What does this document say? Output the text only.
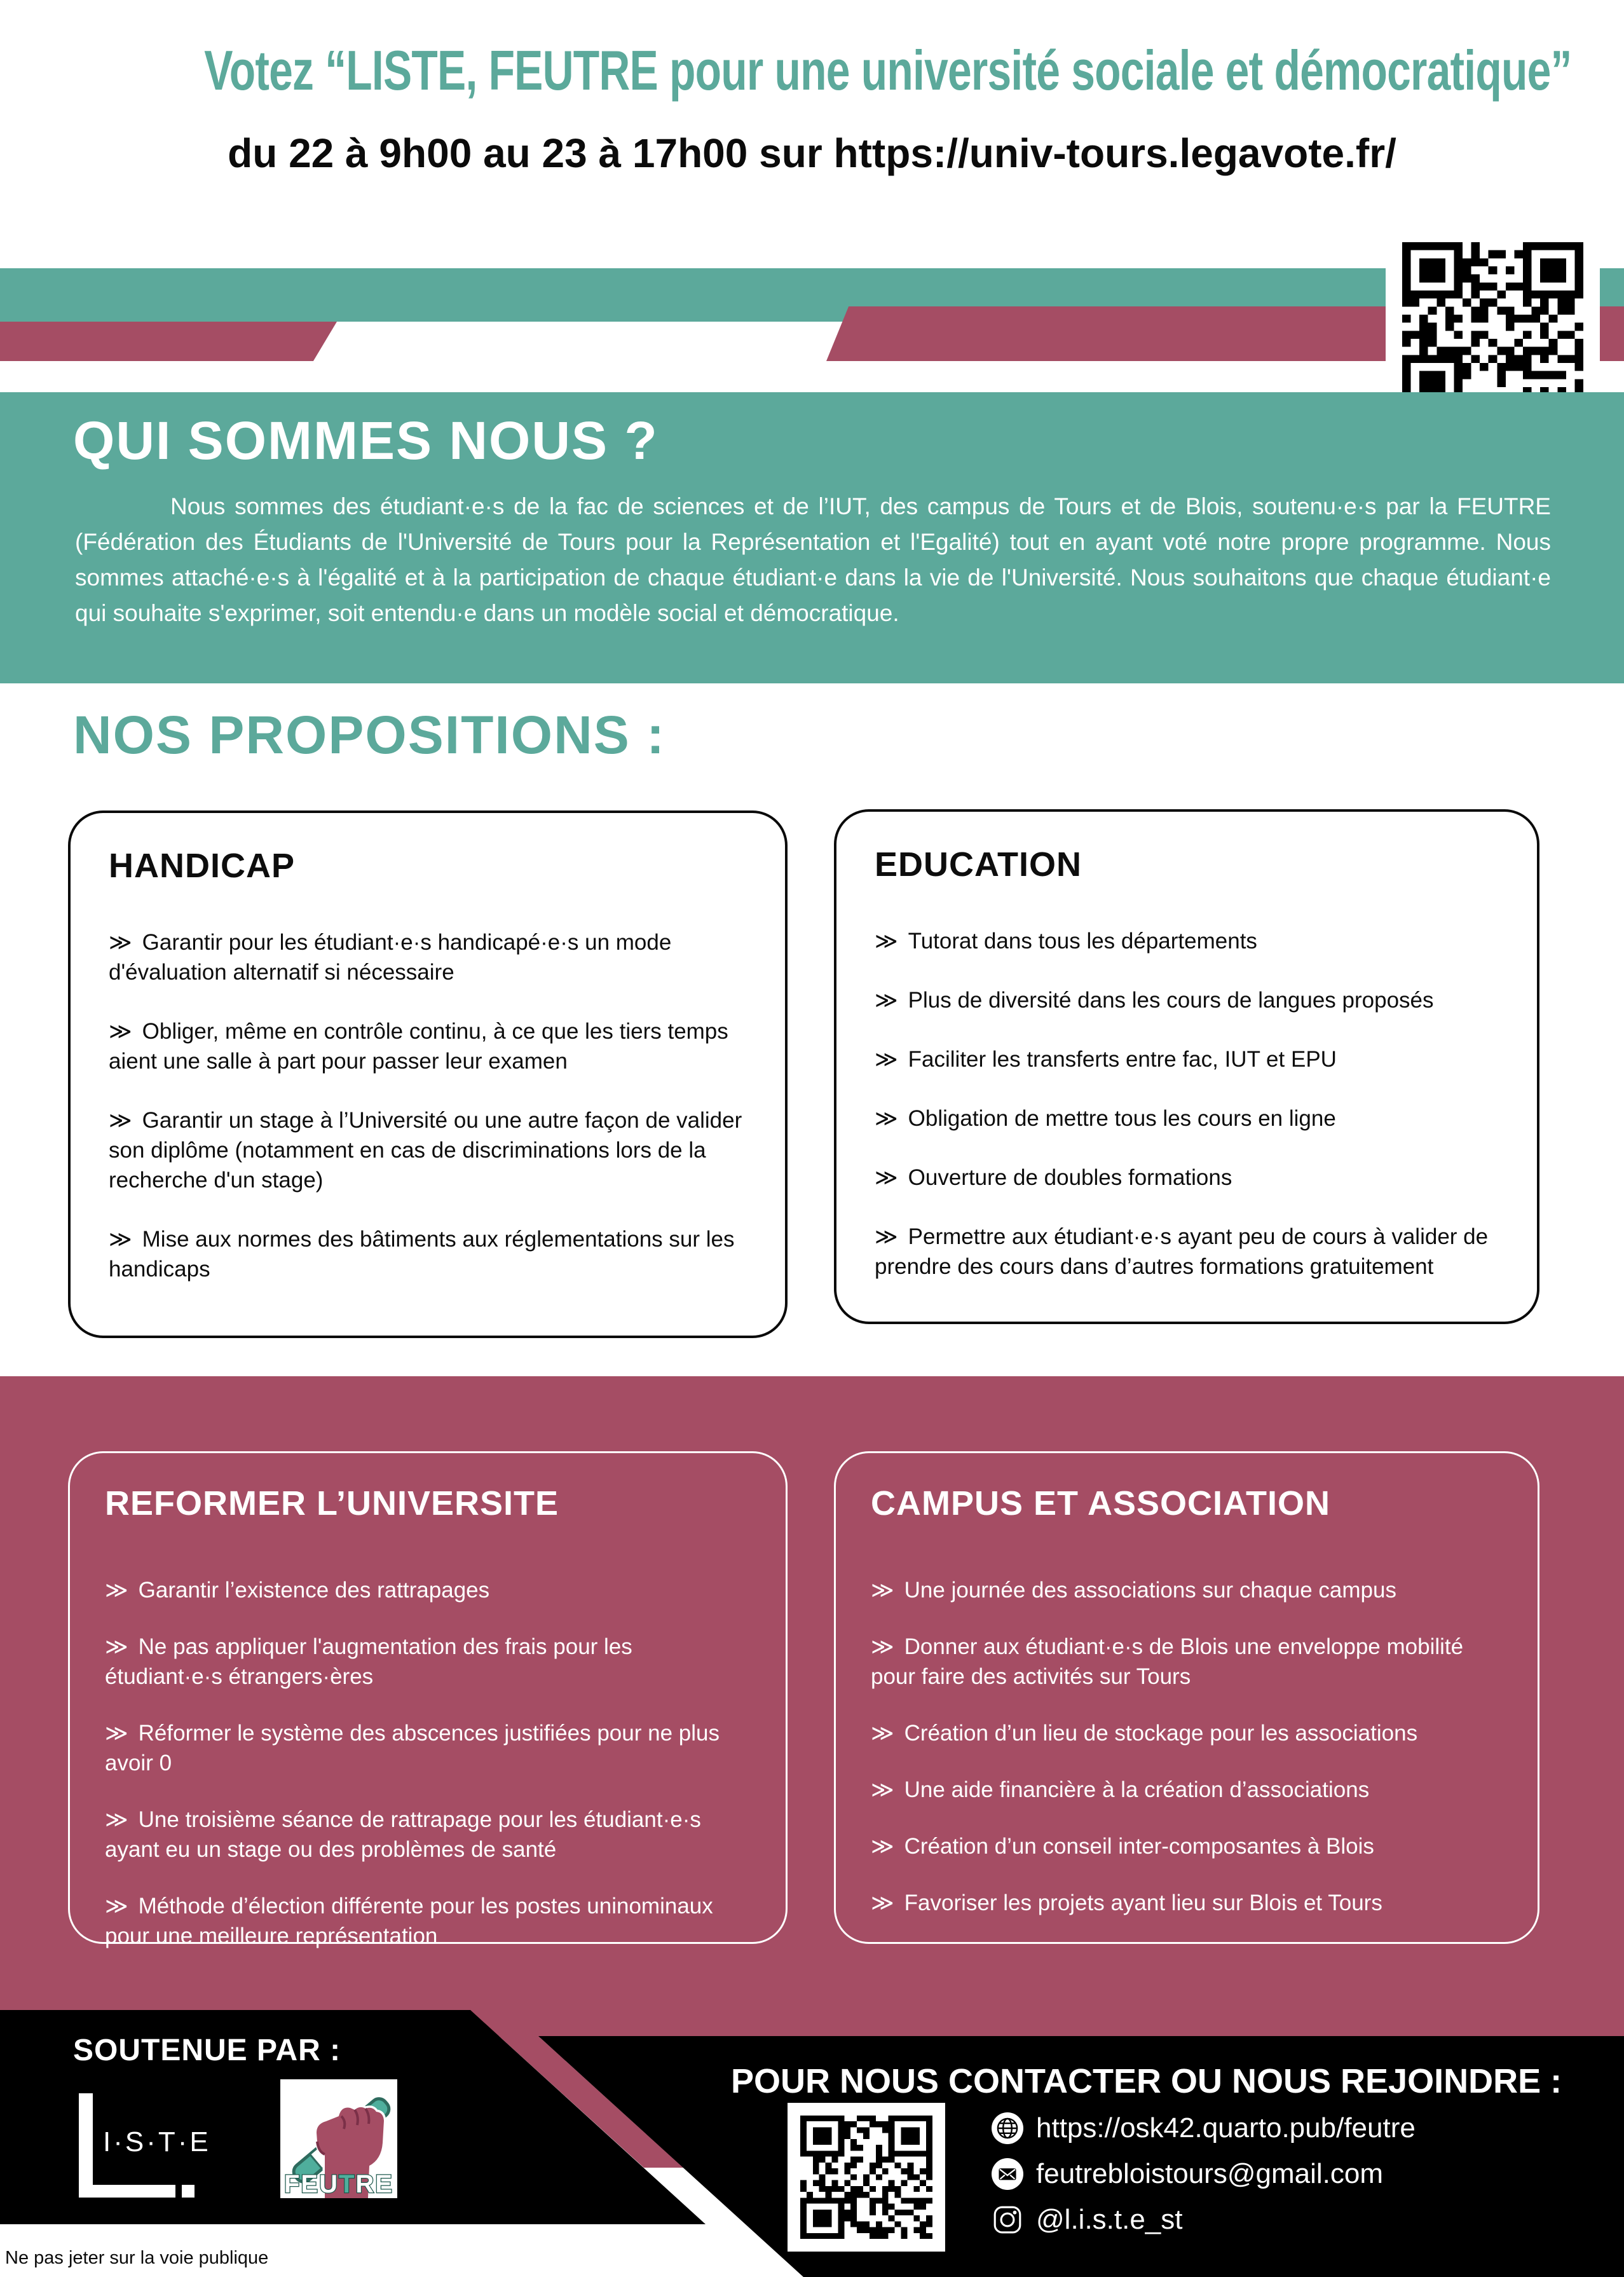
Votez “LISTE, FEUTRE pour une université sociale et démocratique”
du 22 à 9h00 au 23 à 17h00 sur https://univ-tours.legavote.fr/
QUI SOMMES NOUS ?
Nous sommes des étudiant·e·s de la fac de sciences et de l’IUT, des campus de Tours et de Blois, soutenu·e·s par la FEUTRE (Fédération des Étudiants de l'Université de Tours pour la Représentation et l'Egalité) tout en ayant voté notre propre programme. Nous sommes attaché·e·s à l'égalité et à la participation de chaque étudiant·e dans la vie de l'Université. Nous souhaitons que chaque étudiant·e qui souhaite s'exprimer, soit entendu·e dans un modèle social et démocratique.
NOS PROPOSITIONS :
HANDICAP
≫ Garantir pour les étudiant·e·s handicapé·e·s un mode d'évaluation alternatif si nécessaire
≫ Obliger, même en contrôle continu, à ce que les tiers temps aient une salle à part pour passer leur examen
≫ Garantir un stage à l’Université ou une autre façon de valider son diplôme (notamment en cas de discriminations lors de la recherche d'un stage)
≫ Mise aux normes des bâtiments aux réglementations sur les handicaps
EDUCATION
≫ Tutorat dans tous les départements
≫ Plus de diversité dans les cours de langues proposés
≫ Faciliter les transferts entre fac, IUT et EPU
≫ Obligation de mettre tous les cours en ligne
≫ Ouverture de doubles formations
≫ Permettre aux étudiant·e·s ayant peu de cours à valider de prendre des cours dans d’autres formations gratuitement
REFORMER L’UNIVERSITE
≫ Garantir l’existence des rattrapages
≫ Ne pas appliquer l'augmentation des frais pour les étudiant·e·s étrangers·ères
≫ Réformer le système des abscences justifiées pour ne plus avoir 0
≫ Une troisième séance de rattrapage pour les étudiant·e·s ayant eu un stage ou des problèmes de santé
≫ Méthode d’élection différente pour les postes uninominaux pour une meilleure représentation
CAMPUS ET ASSOCIATION
≫ Une journée des associations sur chaque campus
≫ Donner aux étudiant·e·s de Blois une enveloppe mobilité pour faire des activités sur Tours
≫ Création d’un lieu de stockage pour les associations
≫ Une aide financière à la création d’associations
≫ Création d’un conseil inter-composantes à Blois
≫ Favoriser les projets ayant lieu sur Blois et Tours
SOUTENUE PAR :
I·S·T·E
FEUTRE
POUR NOUS CONTACTER OU NOUS REJOINDRE :
https://osk42.quarto.pub/feutre
feutrebloistours@gmail.com
@l.i.s.t.e_st
Ne pas jeter sur la voie publique
